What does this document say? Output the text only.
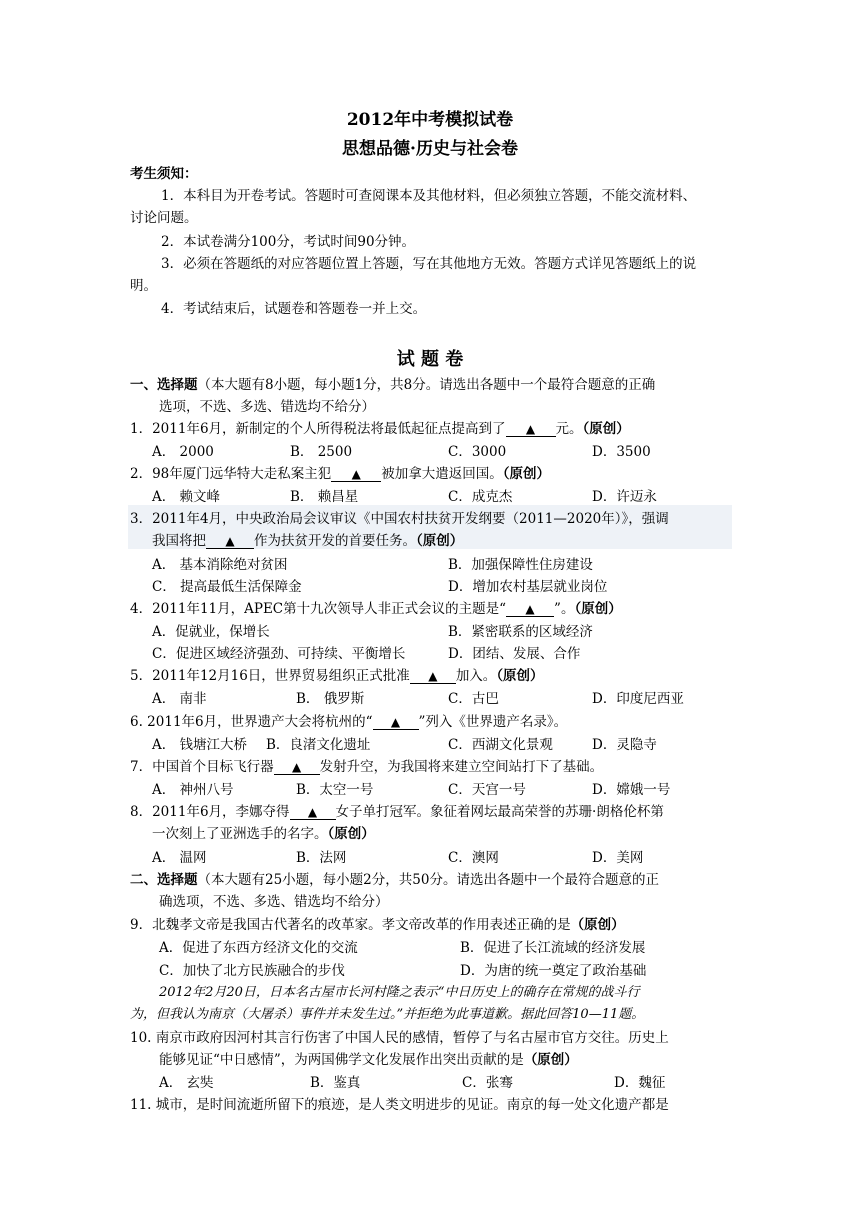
2012年中考模拟试卷
思想品德·历史与社会卷
考生须知：
1．本科目为开卷考试。答题时可查阅课本及其他材料，但必须独立答题，不能交流材料、
讨论问题。
2．本试卷满分100分，考试时间90分钟。
3．必须在答题纸的对应答题位置上答题，写在其他地方无效。答题方式详见答题纸上的说
明。
4．考试结束后，试题卷和答题卷一并上交。
试 题 卷
一、选择题（本大题有8小题，每小题1分，共8分。请选出各题中一个最符合题意的正确
选项，不选、多选、错选均不给分）
1．2011年6月，新制定的个人所得税法将最低起征点提高到了 ▲ 元。（原创）
A． 2000	B． 2500	C．3000	D．3500
2．98年厦门远华特大走私案主犯 ▲ 被加拿大遣返回国。（原创）
A． 赖文峰	B． 赖昌星	C．成克杰	D．许迈永
3．2011年4月，中央政治局会议审议《中国农村扶贫开发纲要（2011—2020年）》，强调
我国将把 ▲ 作为扶贫开发的首要任务。（原创）
A． 基本消除绝对贫困	B．加强保障性住房建设
C． 提高最低生活保障金	D．增加农村基层就业岗位
4．2011年11月，APEC第十九次领导人非正式会议的主题是“ ▲ ”。（原创）
A．促就业，保增长	B．紧密联系的区域经济
C．促进区域经济强劲、可持续、平衡增长	D．团结、发展、合作
5．2011年12月16日，世界贸易组织正式批准 ▲ 加入。（原创）
A． 南非	B． 俄罗斯	C．古巴	D．印度尼西亚
6. 2011年6月，世界遗产大会将杭州的“ ▲ ”列入《世界遗产名录》。
A． 钱塘江大桥 B．良渚文化遗址	C．西湖文化景观	D．灵隐寺
7．中国首个目标飞行器 ▲ 发射升空，为我国将来建立空间站打下了基础。
A． 神州八号	B．太空一号	C．天宫一号	D．嫦娥一号
8．2011年6月，李娜夺得 ▲ 女子单打冠军。象征着网坛最高荣誉的苏珊·朗格伦杯第
一次刻上了亚洲选手的名字。（原创）
A． 温网	B．法网	C．澳网	D．美网
二、选择题（本大题有25小题，每小题2分，共50分。请选出各题中一个最符合题意的正
确选项，不选、多选、错选均不给分）
9．北魏孝文帝是我国古代著名的改革家。孝文帝改革的作用表述正确的是（原创）
A．促进了东西方经济文化的交流	B．促进了长江流域的经济发展
C．加快了北方民族融合的步伐	D．为唐的统一奠定了政治基础
2012年2月20日，日本名古屋市长河村隆之表示“中日历史上的确存在常规的战斗行
为，但我认为南京（大屠杀）事件并未发生过。”并拒绝为此事道歉。据此回答10—11题。
10. 南京市政府因河村其言行伤害了中国人民的感情，暂停了与名古屋市官方交往。历史上
能够见证“中日感情”，为两国佛学文化发展作出突出贡献的是（原创）
A． 玄奘	B．鉴真	C．张骞	D．魏征
11. 城市，是时间流逝所留下的痕迹，是人类文明进步的见证。南京的每一处文化遗产都是
